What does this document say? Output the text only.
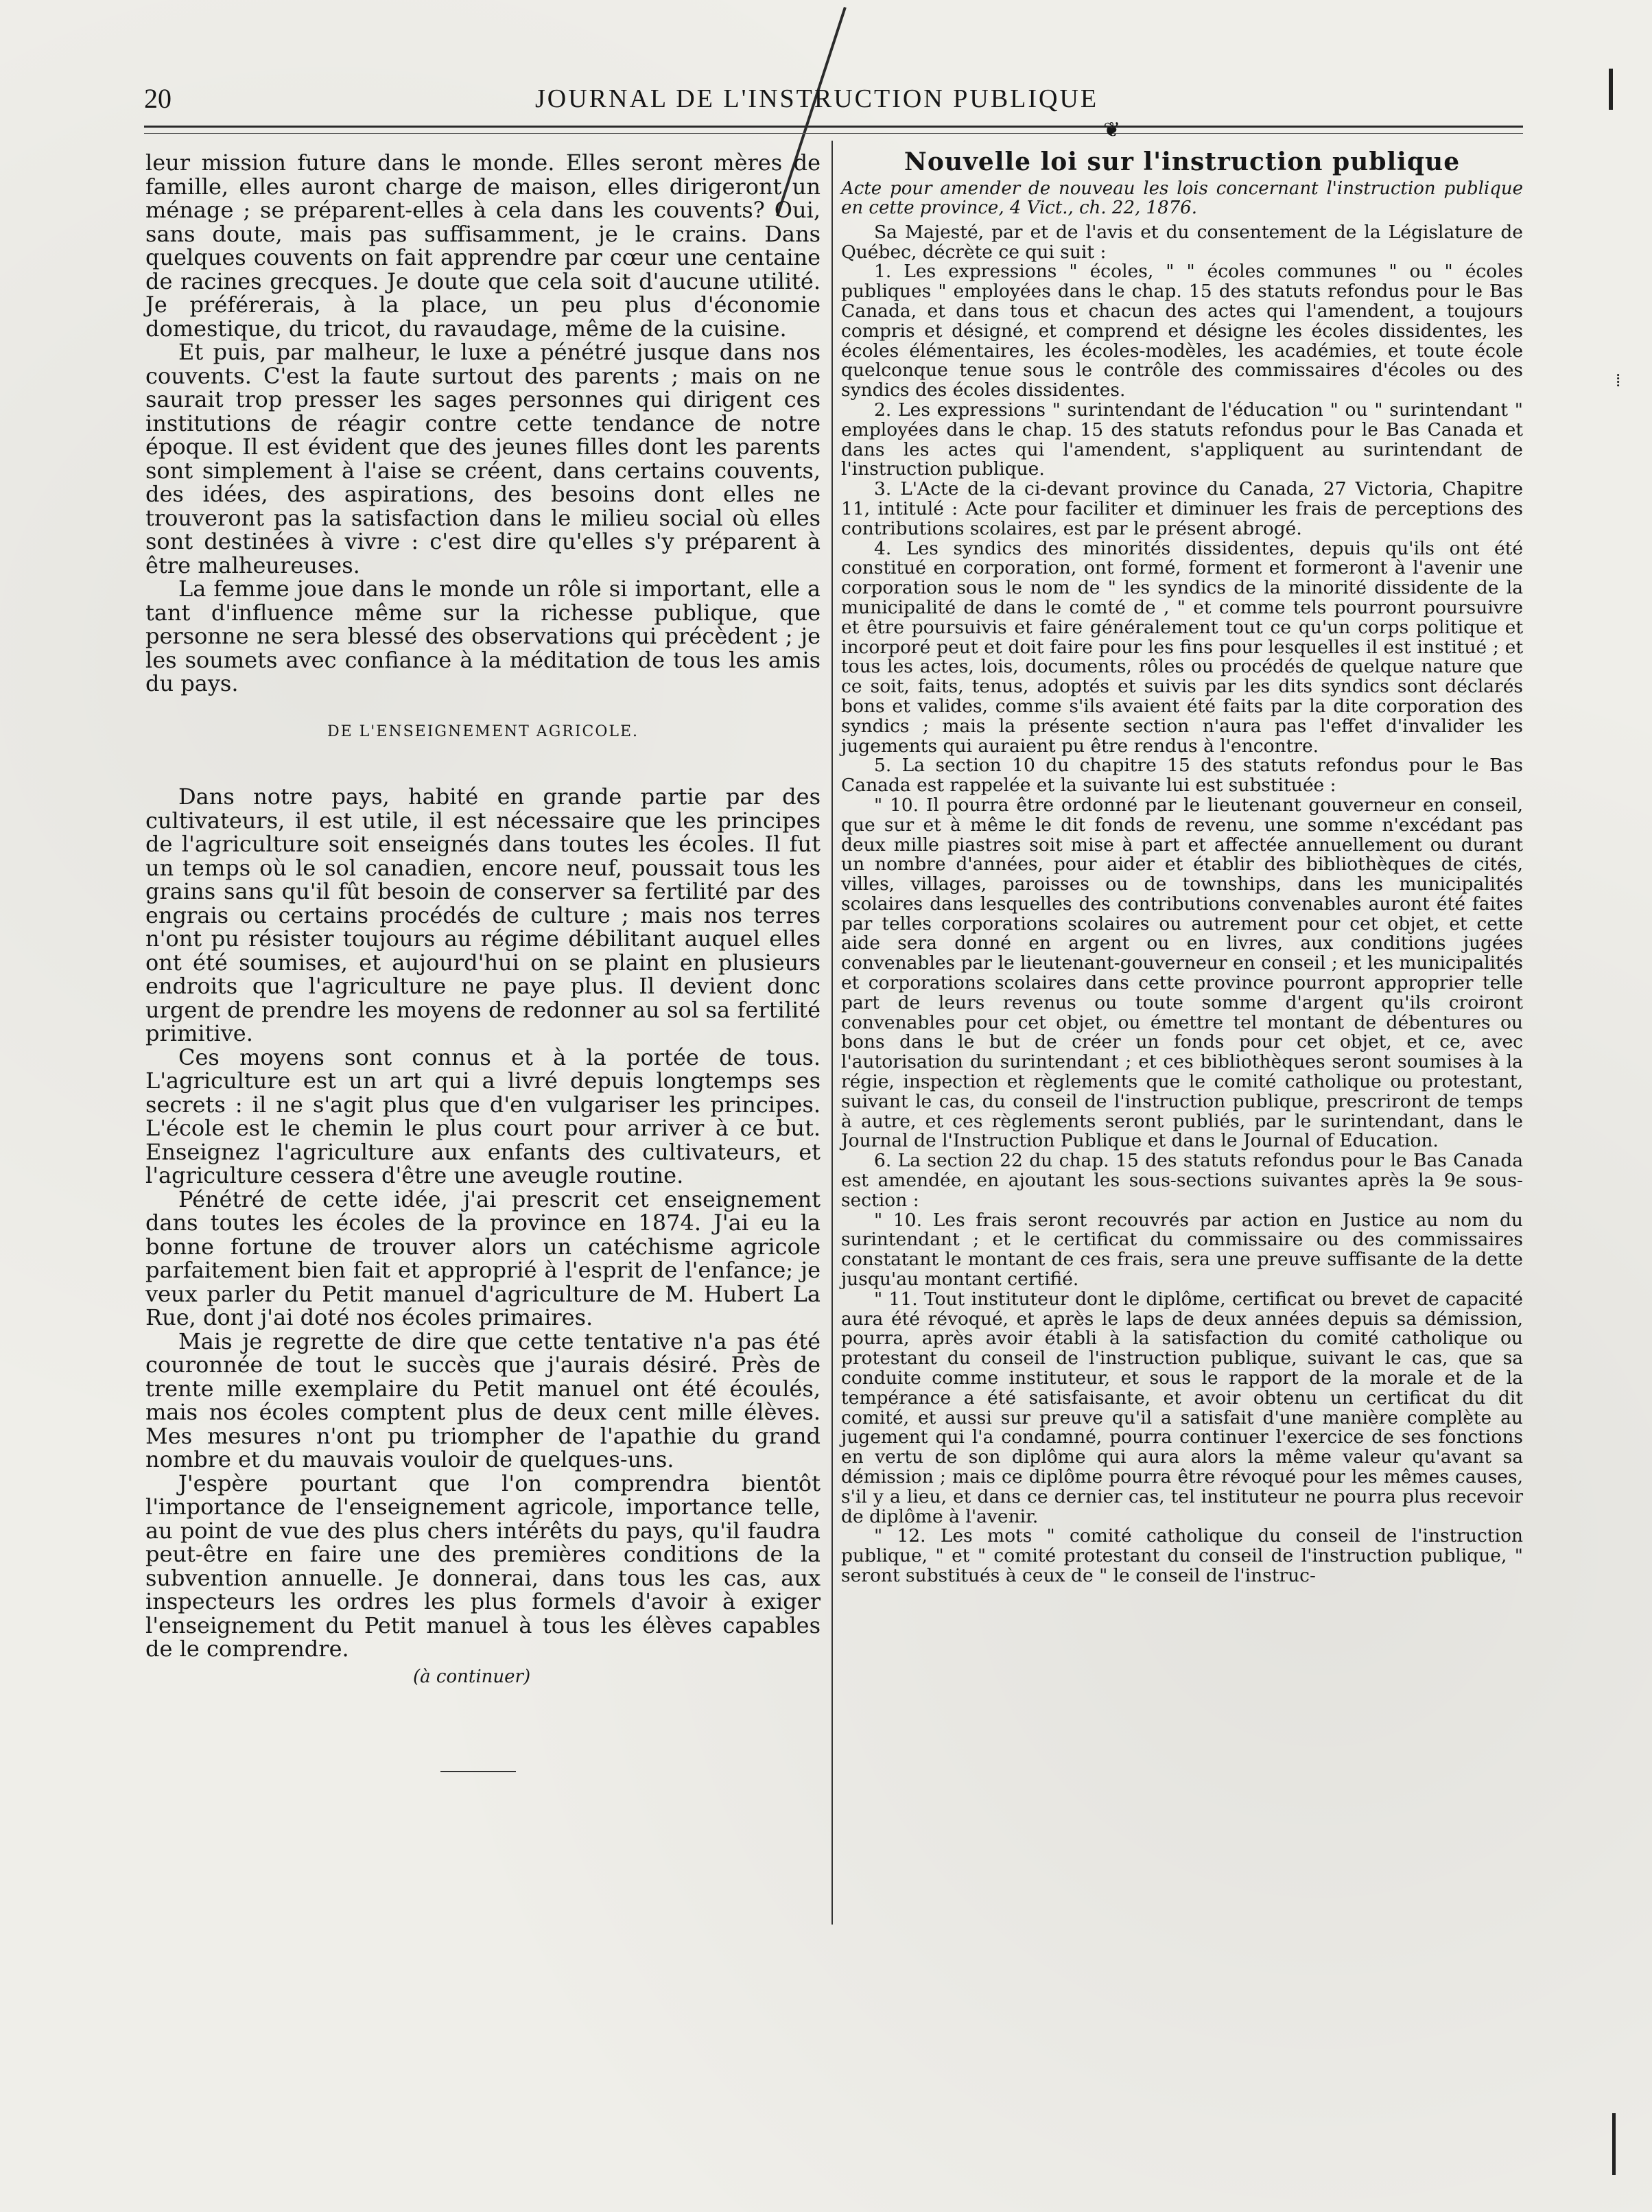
20	JOURNAL DE L'INSTRUCTION PUBLIQUE
❦
⁞

leur mission future dans le monde. Elles seront mères de famille, elles auront charge de maison, elles dirigeront un ménage ; se préparent-elles à cela dans les couvents? Oui, sans doute, mais pas suffisamment, je le crains. Dans quelques couvents on fait apprendre par cœur une centaine de racines grecques. Je doute que cela soit d'aucune utilité. Je préférerais, à la place, un peu plus d'économie domestique, du tricot, du ravaudage, même de la cuisine.

Et puis, par malheur, le luxe a pénétré jusque dans nos couvents. C'est la faute surtout des parents ; mais on ne saurait trop presser les sages personnes qui dirigent ces institutions de réagir contre cette tendance de notre époque. Il est évident que des jeunes filles dont les parents sont simplement à l'aise se créent, dans certains couvents, des idées, des aspirations, des besoins dont elles ne trouveront pas la satisfaction dans le milieu social où elles sont destinées à vivre : c'est dire qu'elles s'y préparent à être malheureuses.

La femme joue dans le monde un rôle si important, elle a tant d'influence même sur la richesse publique, que personne ne sera blessé des observations qui précèdent ; je les soumets avec confiance à la méditation de tous les amis du pays.

DE L'ENSEIGNEMENT AGRICOLE.

Dans notre pays, habité en grande partie par des cultivateurs, il est utile, il est nécessaire que les principes de l'agriculture soit enseignés dans toutes les écoles. Il fut un temps où le sol canadien, encore neuf, poussait tous les grains sans qu'il fût besoin de conserver sa fertilité par des engrais ou certains procédés de culture ; mais nos terres n'ont pu résister toujours au régime débilitant auquel elles ont été soumises, et aujourd'hui on se plaint en plusieurs endroits que l'agriculture ne paye plus. Il devient donc urgent de prendre les moyens de redonner au sol sa fertilité primitive.

Ces moyens sont connus et à la portée de tous. L'agriculture est un art qui a livré depuis longtemps ses secrets : il ne s'agit plus que d'en vulgariser les principes. L'école est le chemin le plus court pour arriver à ce but. Enseignez l'agriculture aux enfants des cultivateurs, et l'agriculture cessera d'être une aveugle routine.

Pénétré de cette idée, j'ai prescrit cet enseignement dans toutes les écoles de la province en 1874. J'ai eu la bonne fortune de trouver alors un catéchisme agricole parfaitement bien fait et approprié à l'esprit de l'enfance; je veux parler du Petit manuel d'agriculture de M. Hubert La Rue, dont j'ai doté nos écoles primaires.

Mais je regrette de dire que cette tentative n'a pas été couronnée de tout le succès que j'aurais désiré. Près de trente mille exemplaire du Petit manuel ont été écoulés, mais nos écoles comptent plus de deux cent mille élèves. Mes mesures n'ont pu triompher de l'apathie du grand nombre et du mauvais vouloir de quelques-uns.

J'espère pourtant que l'on comprendra bientôt l'importance de l'enseignement agricole, importance telle, au point de vue des plus chers intérêts du pays, qu'il faudra peut-être en faire une des premières conditions de la subvention annuelle. Je donnerai, dans tous les cas, aux inspecteurs les ordres les plus formels d'avoir à exiger l'enseignement du Petit manuel à tous les élèves capables de le comprendre.

(à continuer)
Nouvelle loi sur l'instruction publique
Acte pour amender de nouveau les lois concernant l'instruction publique en cette province, 4 Vict., ch. 22, 1876.

Sa Majesté, par et de l'avis et du consentement de la Législature de Québec, décrète ce qui suit :

1. Les expressions " écoles, " " écoles communes " ou " écoles publiques " employées dans le chap. 15 des statuts refondus pour le Bas Canada, et dans tous et chacun des actes qui l'amendent, a toujours compris et désigné, et comprend et désigne les écoles dissidentes, les écoles élémentaires, les écoles-modèles, les académies, et toute école quelconque tenue sous le contrôle des commissaires d'écoles ou des syndics des écoles dissidentes.

2. Les expressions " surintendant de l'éducation " ou " surintendant " employées dans le chap. 15 des statuts refondus pour le Bas Canada et dans les actes qui l'amendent, s'appliquent au surintendant de l'instruction publique.

3. L'Acte de la ci-devant province du Canada, 27 Victoria, Chapitre 11, intitulé : Acte pour faciliter et diminuer les frais de perceptions des contributions scolaires, est par le présent abrogé.

4. Les syndics des minorités dissidentes, depuis qu'ils ont été constitué en corporation, ont formé, forment et formeront à l'avenir une corporation sous le nom de " les syndics de la minorité dissidente de la municipalité de dans le comté de , " et comme tels pourront poursuivre et être poursuivis et faire généralement tout ce qu'un corps politique et incorporé peut et doit faire pour les fins pour lesquelles il est institué ; et tous les actes, lois, documents, rôles ou procédés de quelque nature que ce soit, faits, tenus, adoptés et suivis par les dits syndics sont déclarés bons et valides, comme s'ils avaient été faits par la dite corporation des syndics ; mais la présente section n'aura pas l'effet d'invalider les jugements qui auraient pu être rendus à l'encontre.

5. La section 10 du chapitre 15 des statuts refondus pour le Bas Canada est rappelée et la suivante lui est substituée :

" 10. Il pourra être ordonné par le lieutenant gouverneur en conseil, que sur et à même le dit fonds de revenu, une somme n'excédant pas deux mille piastres soit mise à part et affectée annuellement ou durant un nombre d'années, pour aider et établir des bibliothèques de cités, villes, villages, paroisses ou de townships, dans les municipalités scolaires dans lesquelles des contributions convenables auront été faites par telles corporations scolaires ou autrement pour cet objet, et cette aide sera donné en argent ou en livres, aux conditions jugées convenables par le lieutenant-gouverneur en conseil ; et les municipalités et corporations scolaires dans cette province pourront approprier telle part de leurs revenus ou toute somme d'argent qu'ils croiront convenables pour cet objet, ou émettre tel montant de débentures ou bons dans le but de créer un fonds pour cet objet, et ce, avec l'autorisation du surintendant ; et ces bibliothèques seront soumises à la régie, inspection et règlements que le comité catholique ou protestant, suivant le cas, du conseil de l'instruction publique, prescriront de temps à autre, et ces règlements seront publiés, par le surintendant, dans le Journal de l'Instruction Publique et dans le Journal of Education.

6. La section 22 du chap. 15 des statuts refondus pour le Bas Canada est amendée, en ajoutant les sous-sections suivantes après la 9e sous-section :

" 10. Les frais seront recouvrés par action en Justice au nom du surintendant ; et le certificat du commissaire ou des commissaires constatant le montant de ces frais, sera une preuve suffisante de la dette jusqu'au montant certifié.

" 11. Tout instituteur dont le diplôme, certificat ou brevet de capacité aura été révoqué, et après le laps de deux années depuis sa démission, pourra, après avoir établi à la satisfaction du comité catholique ou protestant du conseil de l'instruction publique, suivant le cas, que sa conduite comme instituteur, et sous le rapport de la morale et de la tempérance a été satisfaisante, et avoir obtenu un certificat du dit comité, et aussi sur preuve qu'il a satisfait d'une manière complète au jugement qui l'a condamné, pourra continuer l'exercice de ses fonctions en vertu de son diplôme qui aura alors la même valeur qu'avant sa démission ; mais ce diplôme pourra être révoqué pour les mêmes causes, s'il y a lieu, et dans ce dernier cas, tel instituteur ne pourra plus recevoir de diplôme à l'avenir.

" 12. Les mots " comité catholique du conseil de l'instruction publique, " et " comité protestant du conseil de l'instruction publique, " seront substitués à ceux de " le conseil de l'instruc-
